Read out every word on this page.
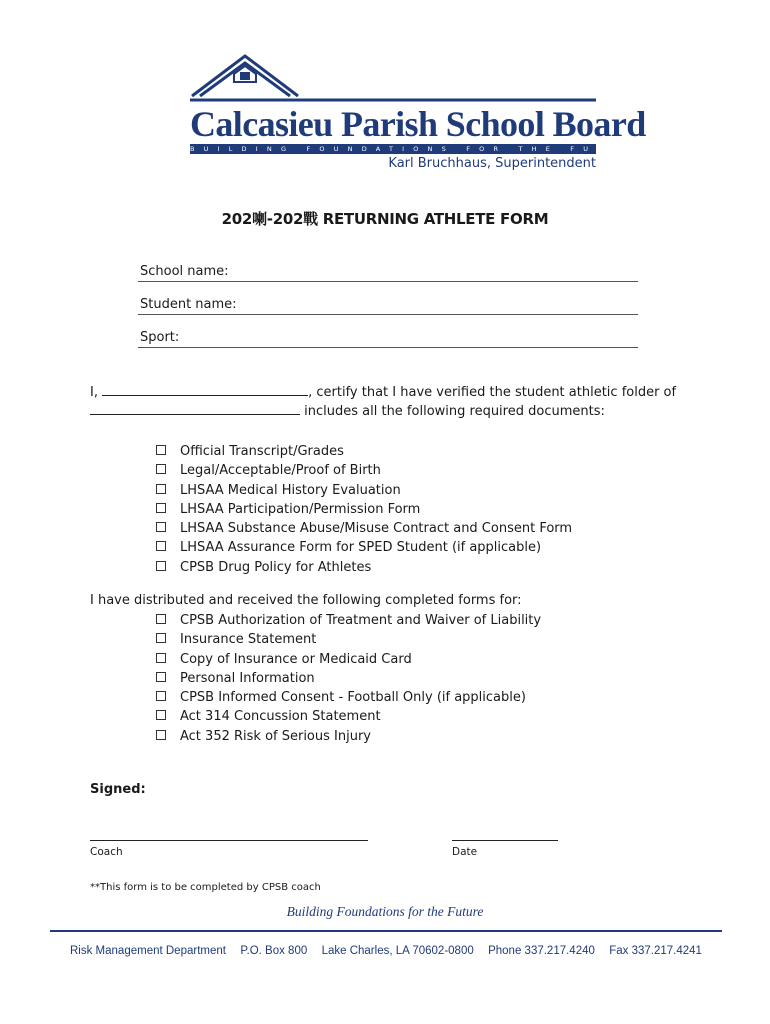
Calcasieu Parish School Board
BUILDING FOUNDATIONS FOR THE FUTURE
Karl Bruchhaus, Superintendent
202喇-202戰 RETURNING ATHLETE FORM
School name:
Student name:
Sport:
I,	, certify that I have verified the student athletic folder of
includes all the following required documents:
Official Transcript/Grades
Legal/Acceptable/Proof of Birth
LHSAA Medical History Evaluation
LHSAA Participation/Permission Form
LHSAA Substance Abuse/Misuse Contract and Consent Form
LHSAA Assurance Form for SPED Student (if applicable)
CPSB Drug Policy for Athletes
I have distributed and received the following completed forms for:
CPSB Authorization of Treatment and Waiver of Liability
Insurance Statement
Copy of Insurance or Medicaid Card
Personal Information
CPSB Informed Consent - Football Only (if applicable)
Act 314 Concussion Statement
Act 352 Risk of Serious Injury
Signed:
Coach	Date
**This form is to be completed by CPSB coach
Building Foundations for the Future
Risk Management Department P.O. Box 800 Lake Charles, LA 70602-0800 Phone 337.217.4240 Fax 337.217.4241
